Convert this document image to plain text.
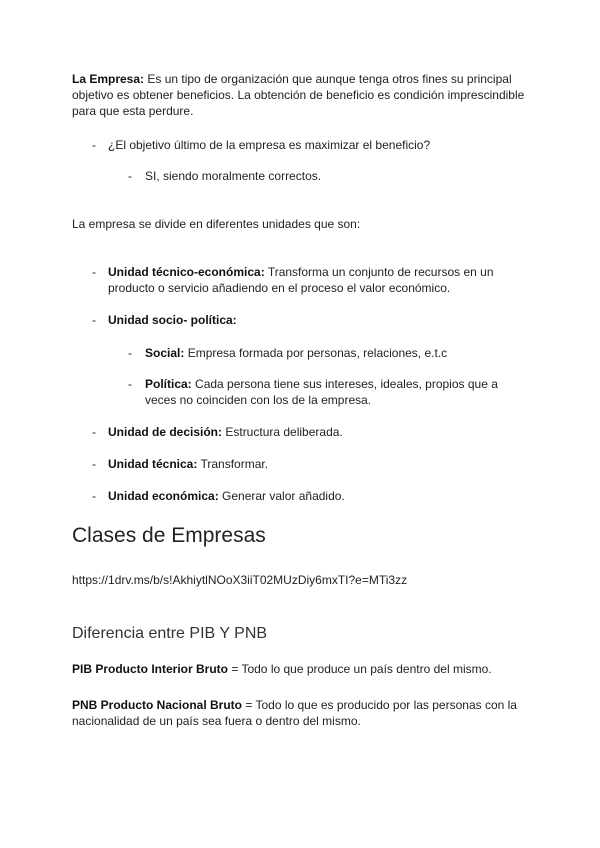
La Empresa: Es un tipo de organización que aunque tenga otros fines su principal objetivo es obtener beneficios. La obtención de beneficio es condición imprescindible para que esta perdure.

- ¿El objetivo último de la empresa es maximizar el beneficio?

- SI, siendo moralmente correctos.

La empresa se divide en diferentes unidades que son:

- Unidad técnico-económica: Transforma un conjunto de recursos en un producto o servicio añadiendo en el proceso el valor económico.

- Unidad socio- política:

- Social: Empresa formada por personas, relaciones, e.t.c

- Política: Cada persona tiene sus intereses, ideales, propios que a veces no coinciden con los de la empresa.

- Unidad de decisión: Estructura deliberada.

- Unidad técnica: Transformar.

- Unidad económica: Generar valor añadido.

Clases de Empresas

https://1drv.ms/b/s!AkhiytlNOoX3iiT02MUzDiy6mxTI?e=MTi3zz

Diferencia entre PIB Y PNB

PIB Producto Interior Bruto = Todo lo que produce un país dentro del mismo.

PNB Producto Nacional Bruto = Todo lo que es producido por las personas con la nacionalidad de un país sea fuera o dentro del mismo.
